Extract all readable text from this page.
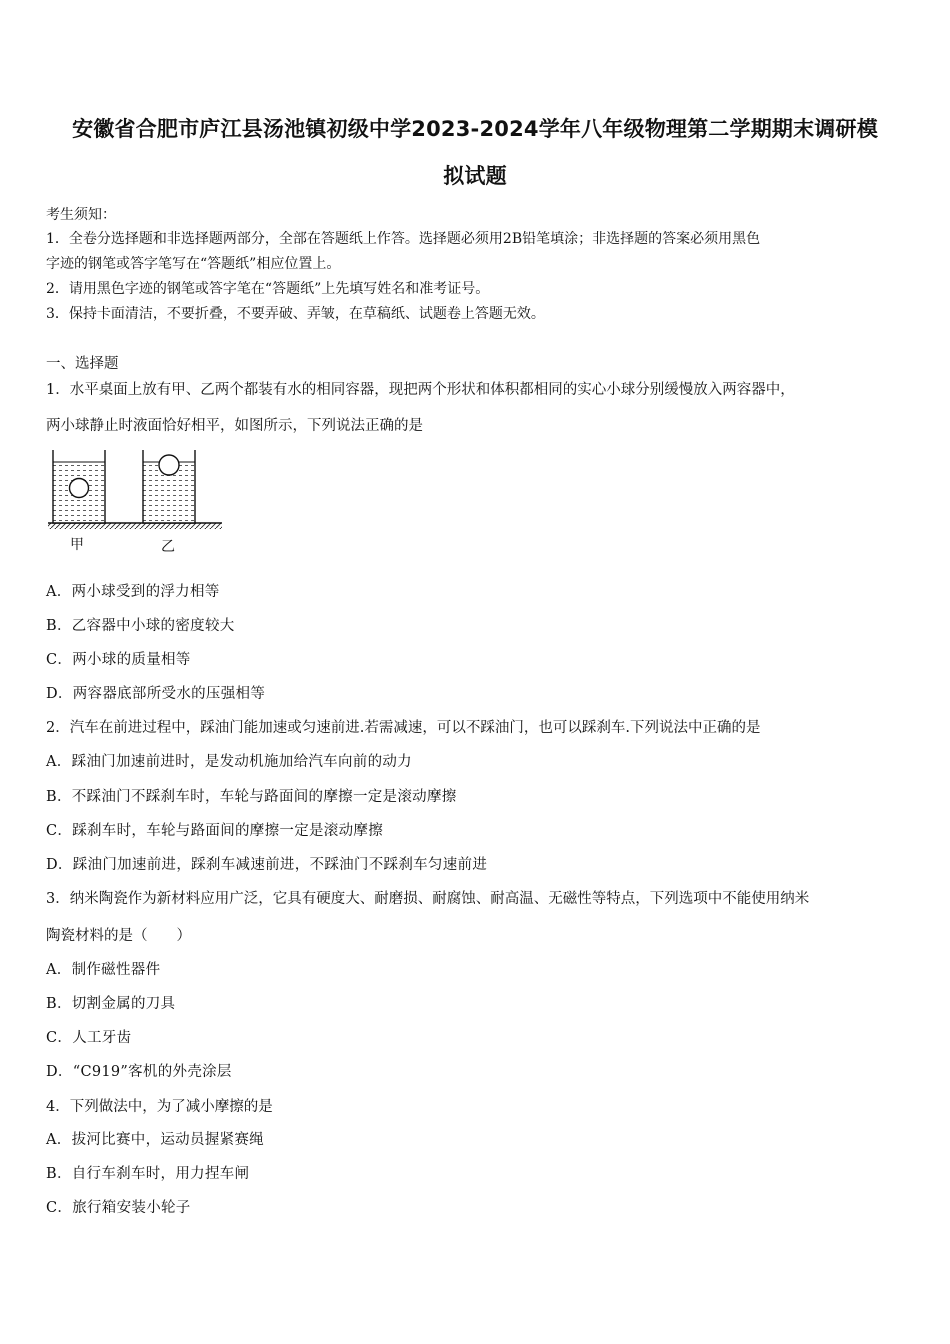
安徽省合肥市庐江县汤池镇初级中学2023-2024学年八年级物理第二学期期末调研模
拟试题
考生须知：
1．全卷分选择题和非选择题两部分，全部在答题纸上作答。选择题必须用2B铅笔填涂；非选择题的答案必须用黑色
字迹的钢笔或答字笔写在“答题纸”相应位置上。
2．请用黑色字迹的钢笔或答字笔在“答题纸”上先填写姓名和准考证号。
3．保持卡面清洁，不要折叠，不要弄破、弄皱，在草稿纸、试题卷上答题无效。
一、选择题
1．水平桌面上放有甲、乙两个都装有水的相同容器，现把两个形状和体积都相同的实心小球分别缓慢放入两容器中，
两小球静止时液面恰好相平，如图所示，下列说法正确的是
甲	乙
A．两小球受到的浮力相等
B．乙容器中小球的密度较大
C．两小球的质量相等
D．两容器底部所受水的压强相等
2．汽车在前进过程中，踩油门能加速或匀速前进.若需减速，可以不踩油门，也可以踩刹车.下列说法中正确的是
A．踩油门加速前进时，是发动机施加给汽车向前的动力
B．不踩油门不踩刹车时，车轮与路面间的摩擦一定是滚动摩擦
C．踩刹车时，车轮与路面间的摩擦一定是滚动摩擦
D．踩油门加速前进，踩刹车减速前进，不踩油门不踩刹车匀速前进
3．纳米陶瓷作为新材料应用广泛，它具有硬度大、耐磨损、耐腐蚀、耐高温、无磁性等特点，下列选项中不能使用纳米
陶瓷材料的是（　　）
A．制作磁性器件
B．切割金属的刀具
C．人工牙齿
D．“C919”客机的外壳涂层
4．下列做法中，为了减小摩擦的是
A．拔河比赛中，运动员握紧赛绳
B．自行车刹车时，用力捏车闸
C．旅行箱安装小轮子
